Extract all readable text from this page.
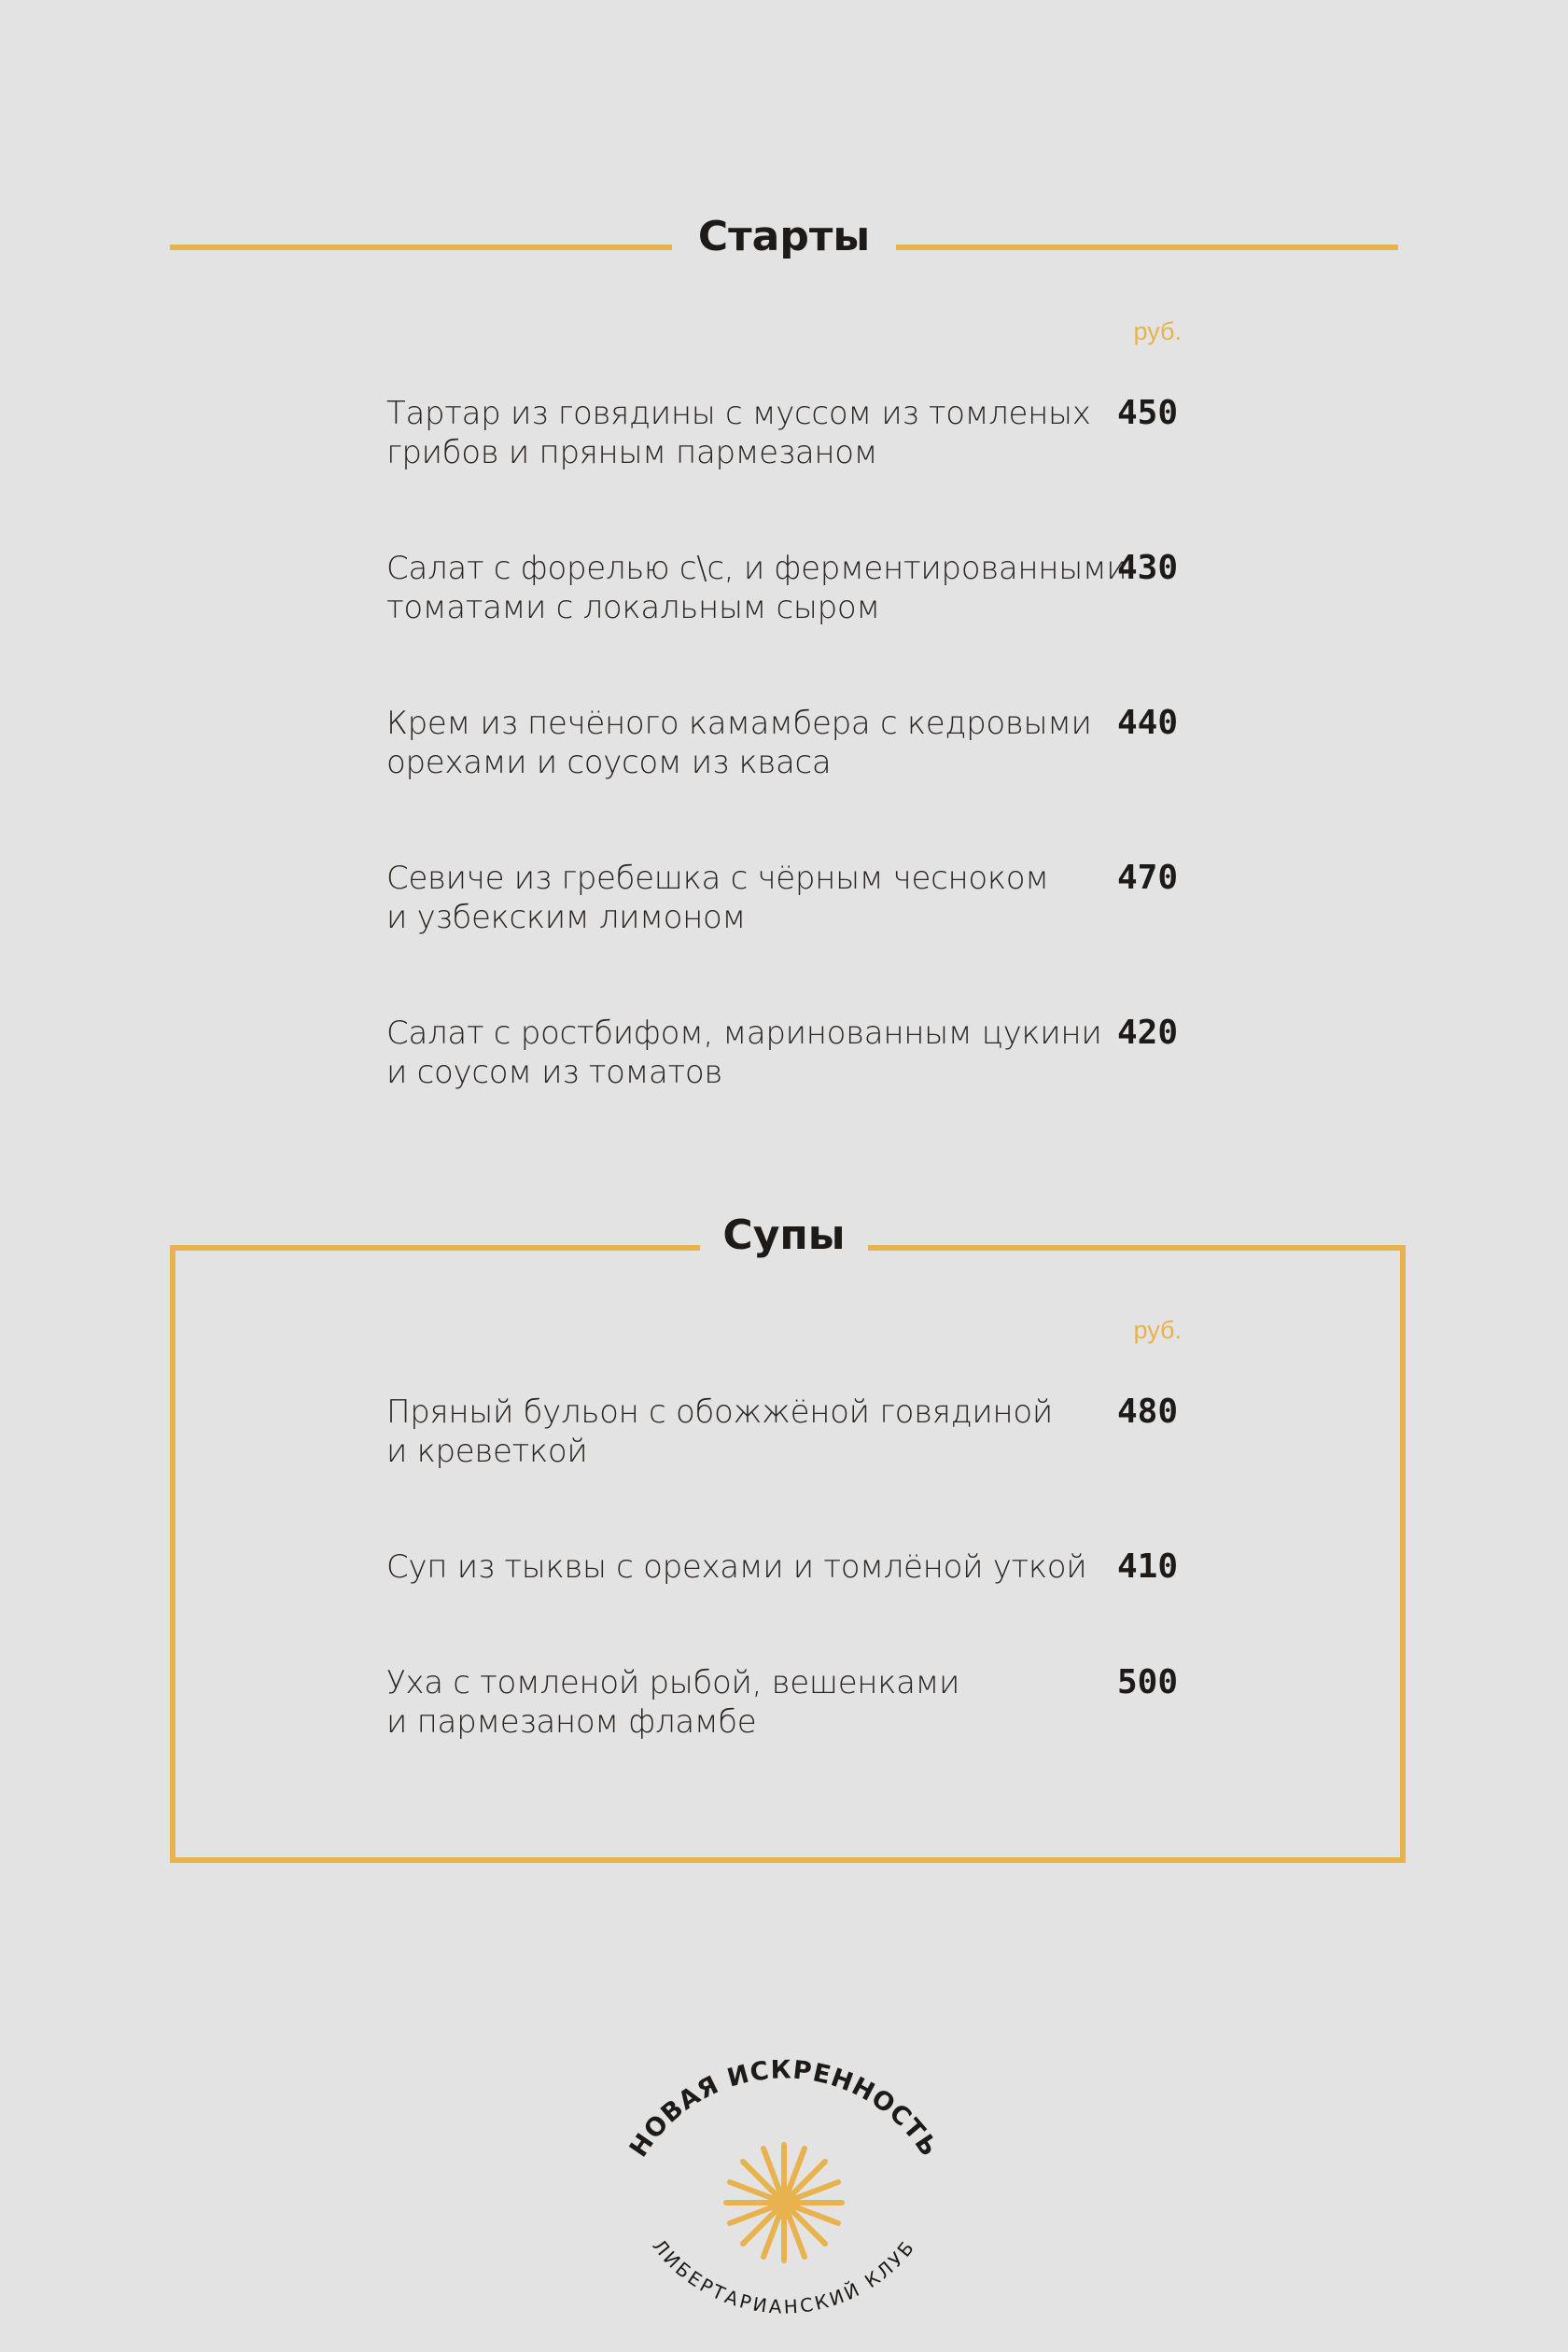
Старты
руб.
Тартар из говядины с муссом из томленых
грибов и пряным пармезаном
450
Салат с форелью с\с, и ферментированными
томатами с локальным сыром
430
Крем из печёного камамбера с кедровыми
орехами и соусом из кваса
440
Севиче из гребешка с чёрным чесноком
и узбекским лимоном
470
Салат с ростбифом, маринованным цукини
и соусом из томатов
420
Супы
руб.
Пряный бульон с обожжёной говядиной
и креветкой
480
Суп из тыквы с орехами и томлёной уткой 410
Уха с томленой рыбой, вешенками
и пармезаном фламбе
500
НОВАЯ ИСКРЕННОСТЬ
ЛИБЕРТАРИАНСКИЙ КЛУБ
